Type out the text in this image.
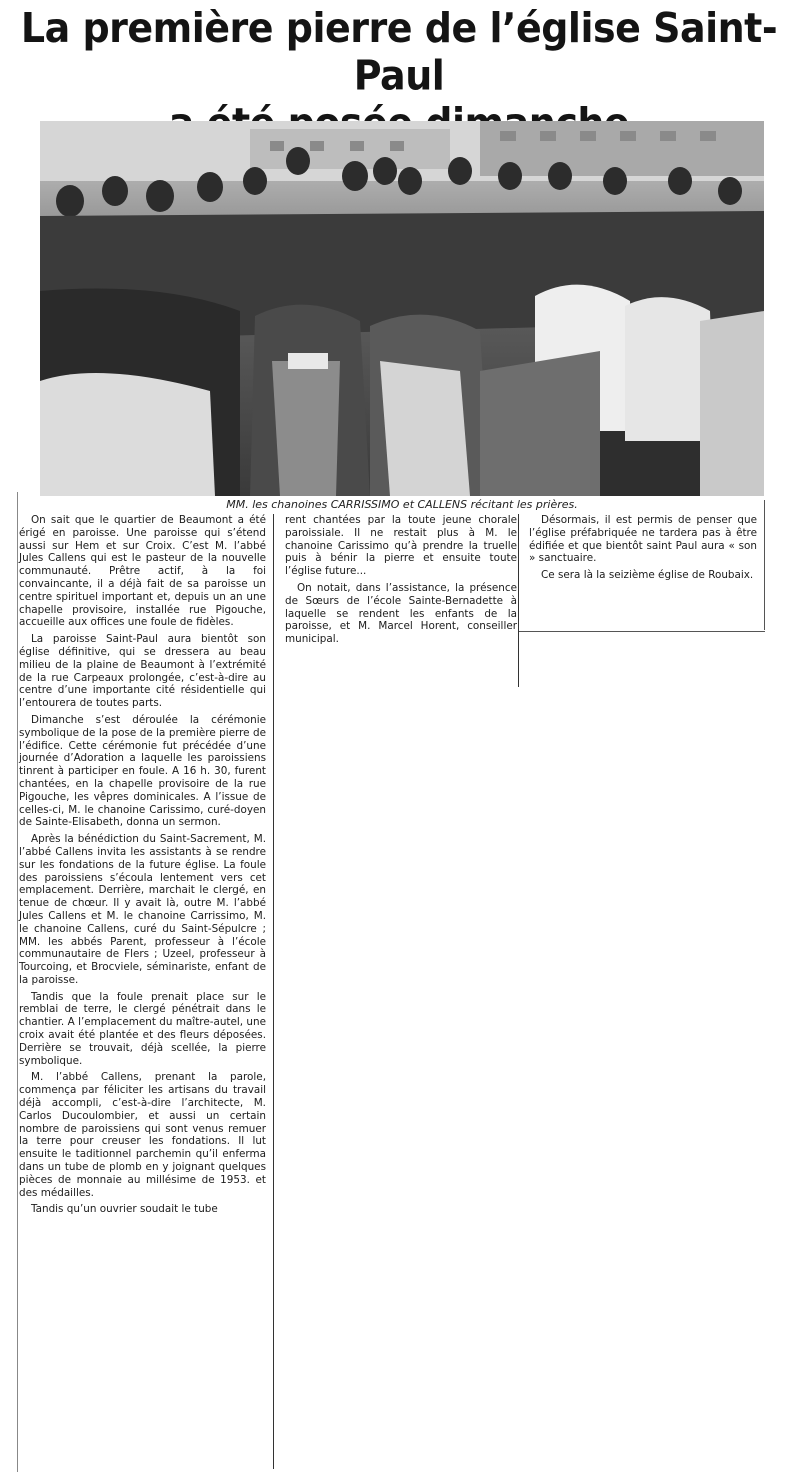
La première pierre de l’église Saint-Paul
MM. les chanoines CARRISSIMO et CALLENS récitant les prières.

On sait que le quartier de Beaumont a été érigé en paroisse. Une paroisse qui s’étend aussi sur Hem et sur Croix. C’est M. l’abbé Jules Callens qui est le pasteur de la nouvelle communauté. Prêtre actif, à la foi convaincante, il a déjà fait de sa paroisse un centre spirituel important et, depuis un an une chapelle provisoire, installée rue Pigouche, accueille aux offices une foule de fidèles.

La paroisse Saint-Paul aura bientôt son église définitive, qui se dressera au beau milieu de la plaine de Beaumont à l’extrémité de la rue Carpeaux prolongée, c’est-à-dire au centre d’une importante cité résidentielle qui l’entourera de toutes parts.

Dimanche s’est déroulée la cérémonie symbolique de la pose de la première pierre de l’édifice. Cette cérémonie fut précédée d’une journée d’Adoration a laquelle les paroissiens tinrent à participer en foule. A 16 h. 30, furent chantées, en la chapelle provisoire de la rue Pigouche, les vêpres dominicales. A l’issue de celles-ci, M. le chanoine Carissimo, curé-doyen de Sainte-Elisabeth, donna un sermon.

Après la bénédiction du Saint-Sacrement, M. l’abbé Callens invita les assistants à se rendre sur les fondations de la future église. La foule des paroissiens s’écoula lentement vers cet emplacement. Derrière, marchait le clergé, en tenue de chœur. Il y avait là, outre M. l’abbé Jules Callens et M. le chanoine Carrissimo, M. le chanoine Callens, curé du Saint-Sépulcre ; MM. les abbés Parent, professeur à l’école communautaire de Flers ; Uzeel, professeur à Tourcoing, et Brocviele, séminariste, enfant de la paroisse.

Tandis que la foule prenait place sur le remblai de terre, le clergé pénétrait dans le chantier. A l’emplacement du maître-autel, une croix avait été plantée et des fleurs déposées. Derrière se trouvait, déjà scellée, la pierre symbolique.

M. l’abbé Callens, prenant la parole, commença par féliciter les artisans du travail déjà accompli, c’est-à-dire l’architecte, M. Carlos Ducoulombier, et aussi un certain nombre de paroissiens qui sont venus remuer la terre pour creuser les fondations. Il lut ensuite le taditionnel parchemin qu’il enferma dans un tube de plomb en y joignant quelques pièces de monnaie au millésime de 1953. et des médailles.

Tandis qu’un ouvrier soudait le tube

rent chantées par la toute jeune chorale paroissiale. Il ne restait plus à M. le chanoine Carissimo qu’à prendre la truelle puis à bénir la pierre et ensuite toute l’église future...

On notait, dans l’assistance, la présence de Sœurs de l’école Sainte-Bernadette à laquelle se rendent les enfants de la paroisse, et M. Marcel Horent, conseiller municipal.

Désormais, il est permis de penser que l’église préfabriquée ne tardera pas à être édifiée et que bientôt saint Paul aura « son » sanctuaire.

Ce sera là la seizième église de Roubaix.
